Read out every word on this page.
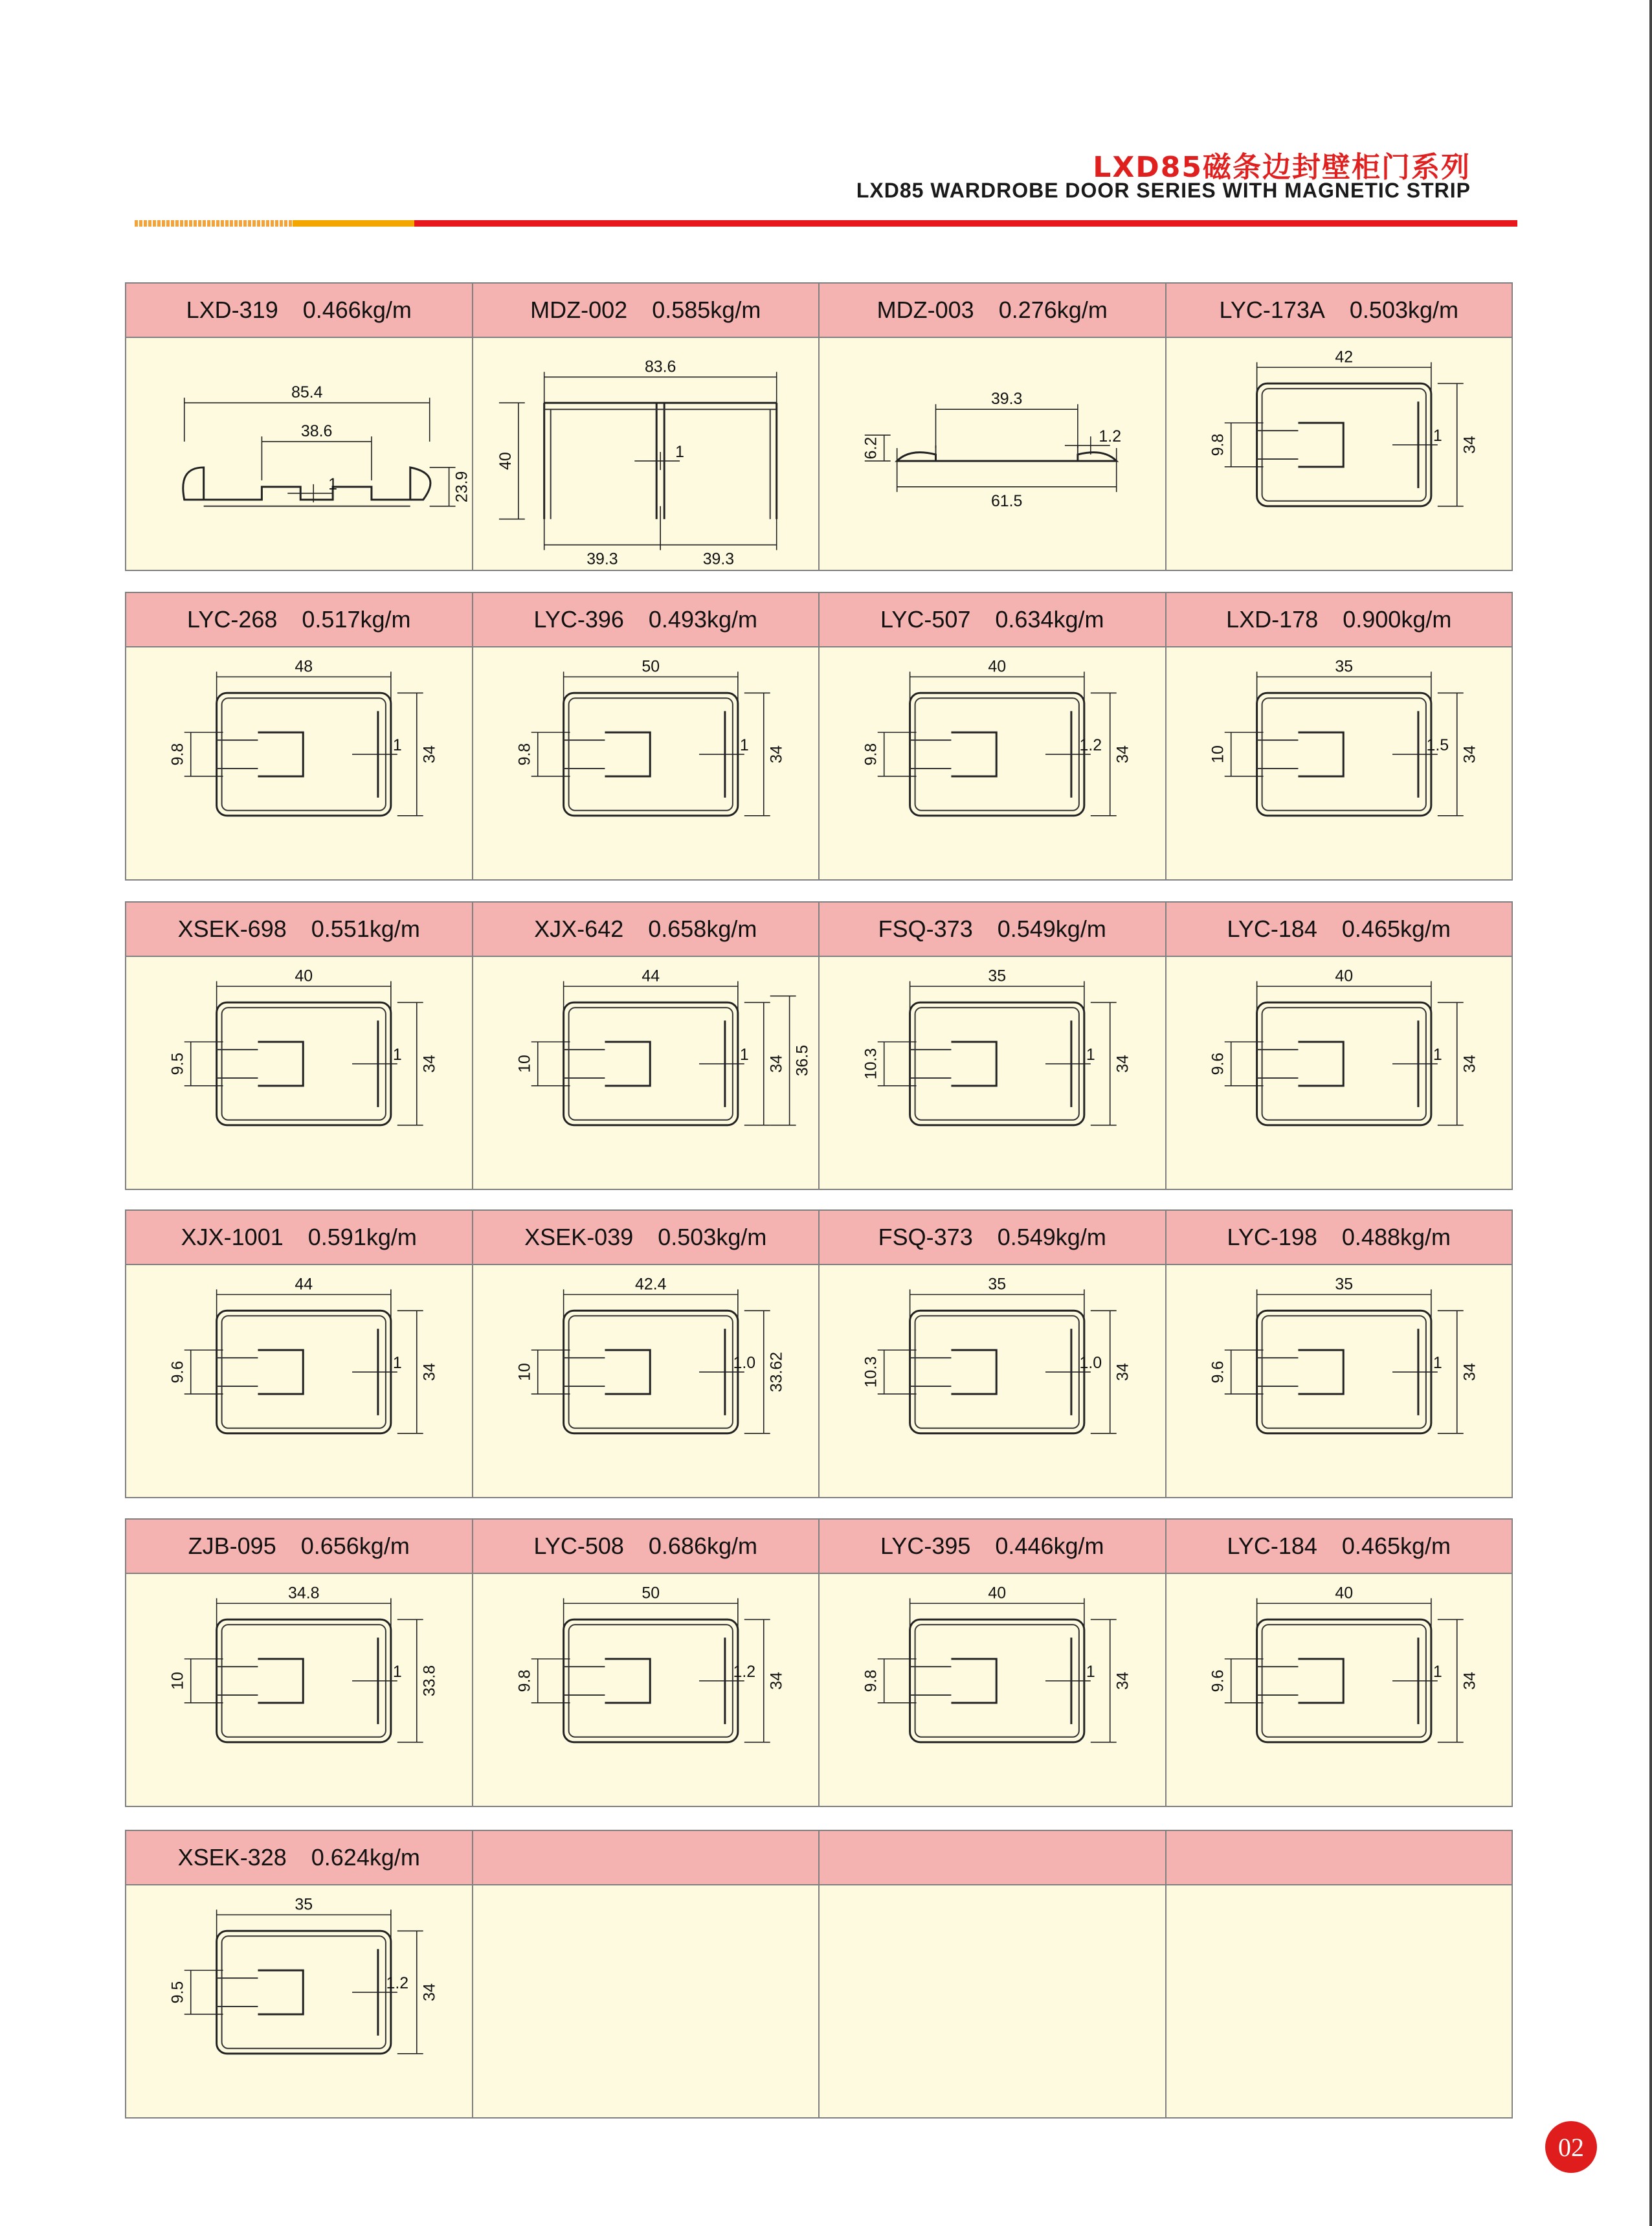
LXD85磁条边封壁柜门系列
LXD85 WARDROBE DOOR SERIES WITH MAGNETIC STRIP
LXD-319 0.466kg/m	MDZ-002 0.585kg/m	MDZ-003 0.276kg/m	LYC-173A 0.503kg/m
85.4
38.6
23.9
1
83.6
40
39.3	39.3
1
39.3
61.5
6.2
1.2
42
34
9.8	1
LYC-268 0.517kg/m	LYC-396 0.493kg/m	LYC-507 0.634kg/m	LXD-178 0.900kg/m
48
34
9.8	1
50
34
9.8	1
40
34
9.8	1.2
35
34
10	1.5
XSEK-698 0.551kg/m	XJX-642 0.658kg/m	FSQ-373 0.549kg/m	LYC-184 0.465kg/m
40
34
9.5	1
44
34
10	1	36.5
35
34
10.3	1
40
34
9.6	1
XJX-1001 0.591kg/m	XSEK-039 0.503kg/m	FSQ-373 0.549kg/m	LYC-198 0.488kg/m
44
34
9.6	1
42.4
33.62
10	1.0
35
34
10.3	1.0
35
34
9.6	1
ZJB-095 0.656kg/m	LYC-508 0.686kg/m	LYC-395 0.446kg/m	LYC-184 0.465kg/m
34.8
33.8
10	1
50
34
9.8	1.2
40
34
9.8	1
40
34
9.6	1
XSEK-328 0.624kg/m
35
34
9.5	1.2
02
